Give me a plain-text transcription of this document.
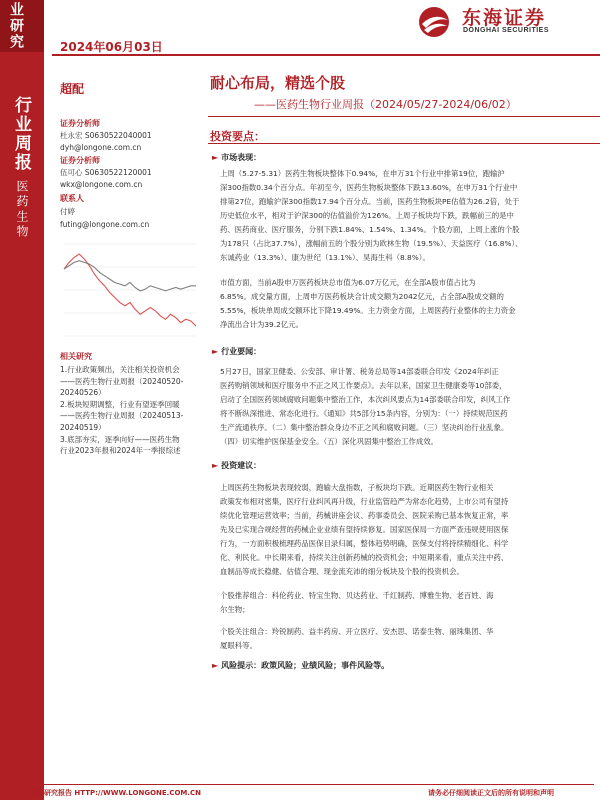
业研究
行业周报
医药生物
2024年06月03日
东海证券
DONGHAI SECURITIES
超配
证券分析师
杜永宏 S0630522040001
dyh@longone.com.cn
证券分析师
伍可心 S0630522120001
wkx@longone.com.cn
联系人
付婷
futing@longone.com.cn
相关研究
1.行业政策频出，关注相关投资机会
——医药生物行业周报（20240520-
20240526）
2.板块短期调整，行业有望逐季回暖
——医药生物行业周报（20240513-
20240519）
3.底部夯实，逐季向好——医药生物
行业2023年报和2024年一季报综述
耐心布局，精选个股
——医药生物行业周报（2024/05/27-2024/06/02）
投资要点：
► 市场表现：
上周（5.27-5.31）医药生物板块整体下0.94%，在申万31个行业中排第19位，跑输沪
深300指数0.34个百分点。年初至今，医药生物板块整体下跌13.60%，在申万31个行业中
排第27位，跑输沪深300指数17.94个百分点。当前，医药生物板块PE估值为26.2倍，处于
历史低位水平，相对于沪深300的估值溢价为126%。上周子板块均下跌，跌幅前三的是中
药、医药商业、医疗服务，分别下跌1.84%、1.54%、1.34%。个股方面，上周上涨的个股
为178只（占比37.7%），涨幅前五的个股分别为欧林生物（19.5%）、天益医疗（16.8%）、
东诚药业（13.3%）、康为世纪（13.1%）、昊海生科（8.8%）。
市值方面，当前A股申万医药板块总市值为6.07万亿元，在全部A股市值占比为
6.85%。成交量方面，上周申万医药板块合计成交额为2042亿元，占全部A股成交额的
5.55%，板块单周成交额环比下降19.49%。主力资金方面，上周医药行业整体的主力资金
净流出合计为39.2亿元。
► 行业要闻：
5月27日，国家卫健委、公安部、审计署、税务总局等14部委联合印发《2024年纠正
医药购销领域和医疗服务中不正之风工作要点》。去年以来，国家卫生健康委等10部委，
启动了全国医药领域腐败问题集中整治工作，本次纠风要点为14部委联合印发，纠风工作
将不断纵深推进、常态化进行。《通知》共5部分15条内容，分别为：（一）持续规范医药
生产流通秩序。（二）集中整治群众身边不正之风和腐败问题。（三）坚决纠治行业乱象。
（四）切实维护医保基金安全。（五）深化巩固集中整治工作成效。
► 投资建议：
上周医药生物板块表现较弱，跑输大盘指数，子板块均下跌。近期医药生物行业相关
政策发布相对密集，医疗行业纠风再升级，行业监管趋严为常态化趋势，上市公司有望持
续优化管理运营效率；当前，药械讲座会议、药事委员会、医院采购已基本恢复正常，率
先及已实现合规经营的药械企业业绩有望持续修复。国家医保局一方面严查违规使用医保
行为，一方面积极梳理药品医保目录归属，整体趋势明确，医保支付将持续精细化、科学
化、利民化。中长期来看，持续关注创新药械的投资机会；中短期来看，重点关注中药、
血制品等成长稳健、估值合理、现金流充沛的细分板块及个股的投资机会。
个股推荐组合：科伦药业、特宝生物、贝达药业、千红制药、博雅生物、老百姓、海
尔生物；
个股关注组合：羚锐制药、益丰药房、开立医疗、安杰思、诺泰生物、丽珠集团、华
厦眼科等。
► 风险提示：政策风险；业绩风险；事件风险等。
证券研究报告 HTTP://WWW.LONGONE.COM.CN	请务必仔细阅读正文后的所有说明和声明
